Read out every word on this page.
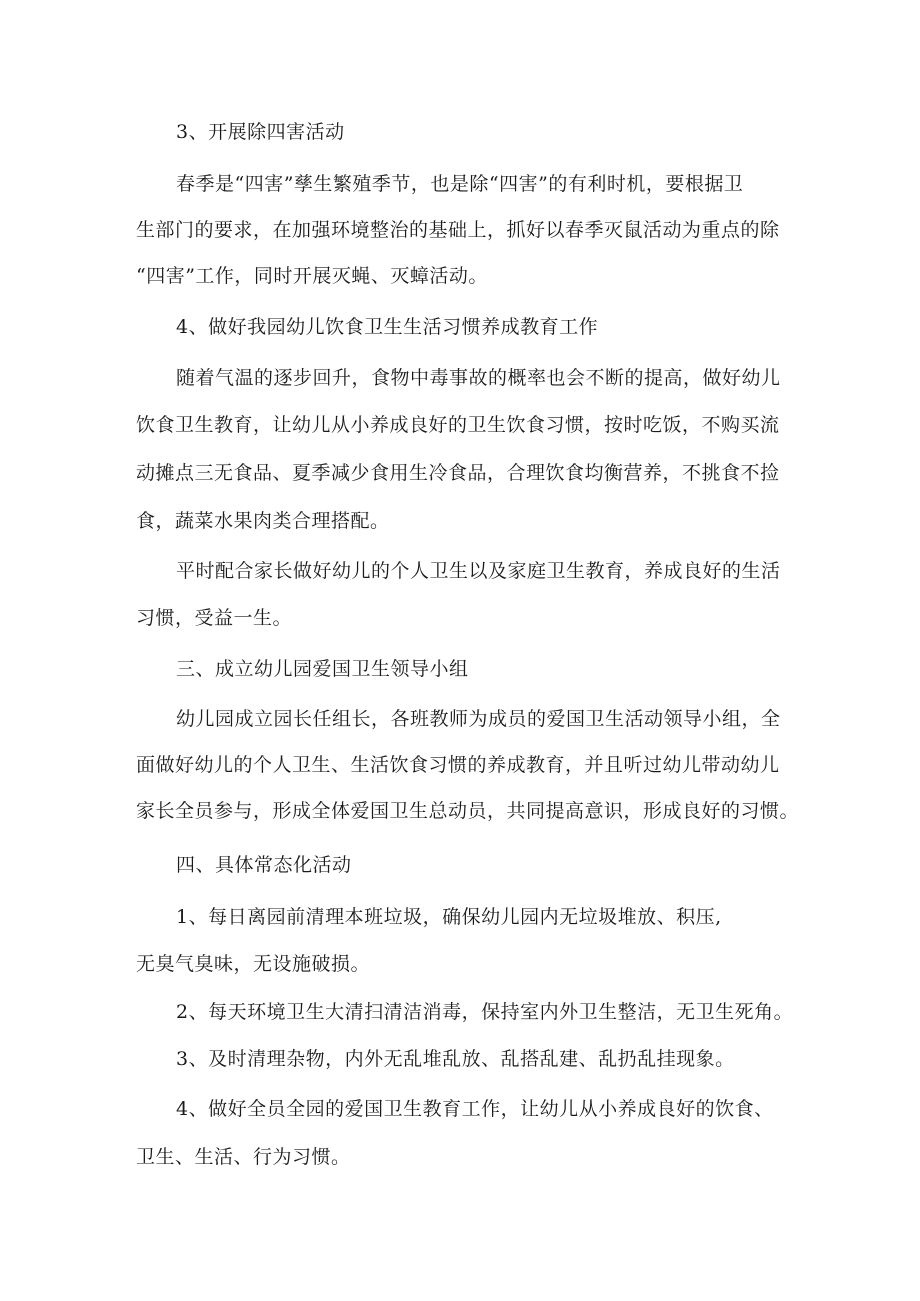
3、开展除四害活动
春季是“四害”孳生繁殖季节，也是除“四害”的有利时机，要根据卫
生部门的要求，在加强环境整治的基础上，抓好以春季灭鼠活动为重点的除
“四害”工作，同时开展灭蝇、灭蟑活动。
4、做好我园幼儿饮食卫生生活习惯养成教育工作
随着气温的逐步回升，食物中毒事故的概率也会不断的提高，做好幼儿
饮食卫生教育，让幼儿从小养成良好的卫生饮食习惯，按时吃饭，不购买流
动摊点三无食品、夏季减少食用生冷食品，合理饮食均衡营养，不挑食不捡
食，蔬菜水果肉类合理搭配。
平时配合家长做好幼儿的个人卫生以及家庭卫生教育，养成良好的生活
习惯，受益一生。
三、成立幼儿园爱国卫生领导小组
幼儿园成立园长任组长，各班教师为成员的爱国卫生活动领导小组，全
面做好幼儿的个人卫生、生活饮食习惯的养成教育，并且听过幼儿带动幼儿
家长全员参与，形成全体爱国卫生总动员，共同提高意识，形成良好的习惯。
四、具体常态化活动
1、每日离园前清理本班垃圾，确保幼儿园内无垃圾堆放、积压,
无臭气臭味，无设施破损。
2、每天环境卫生大清扫清洁消毒，保持室内外卫生整洁，无卫生死角。
3、及时清理杂物，内外无乱堆乱放、乱搭乱建、乱扔乱挂现象。
4、做好全员全园的爱国卫生教育工作，让幼儿从小养成良好的饮食、
卫生、生活、行为习惯。
